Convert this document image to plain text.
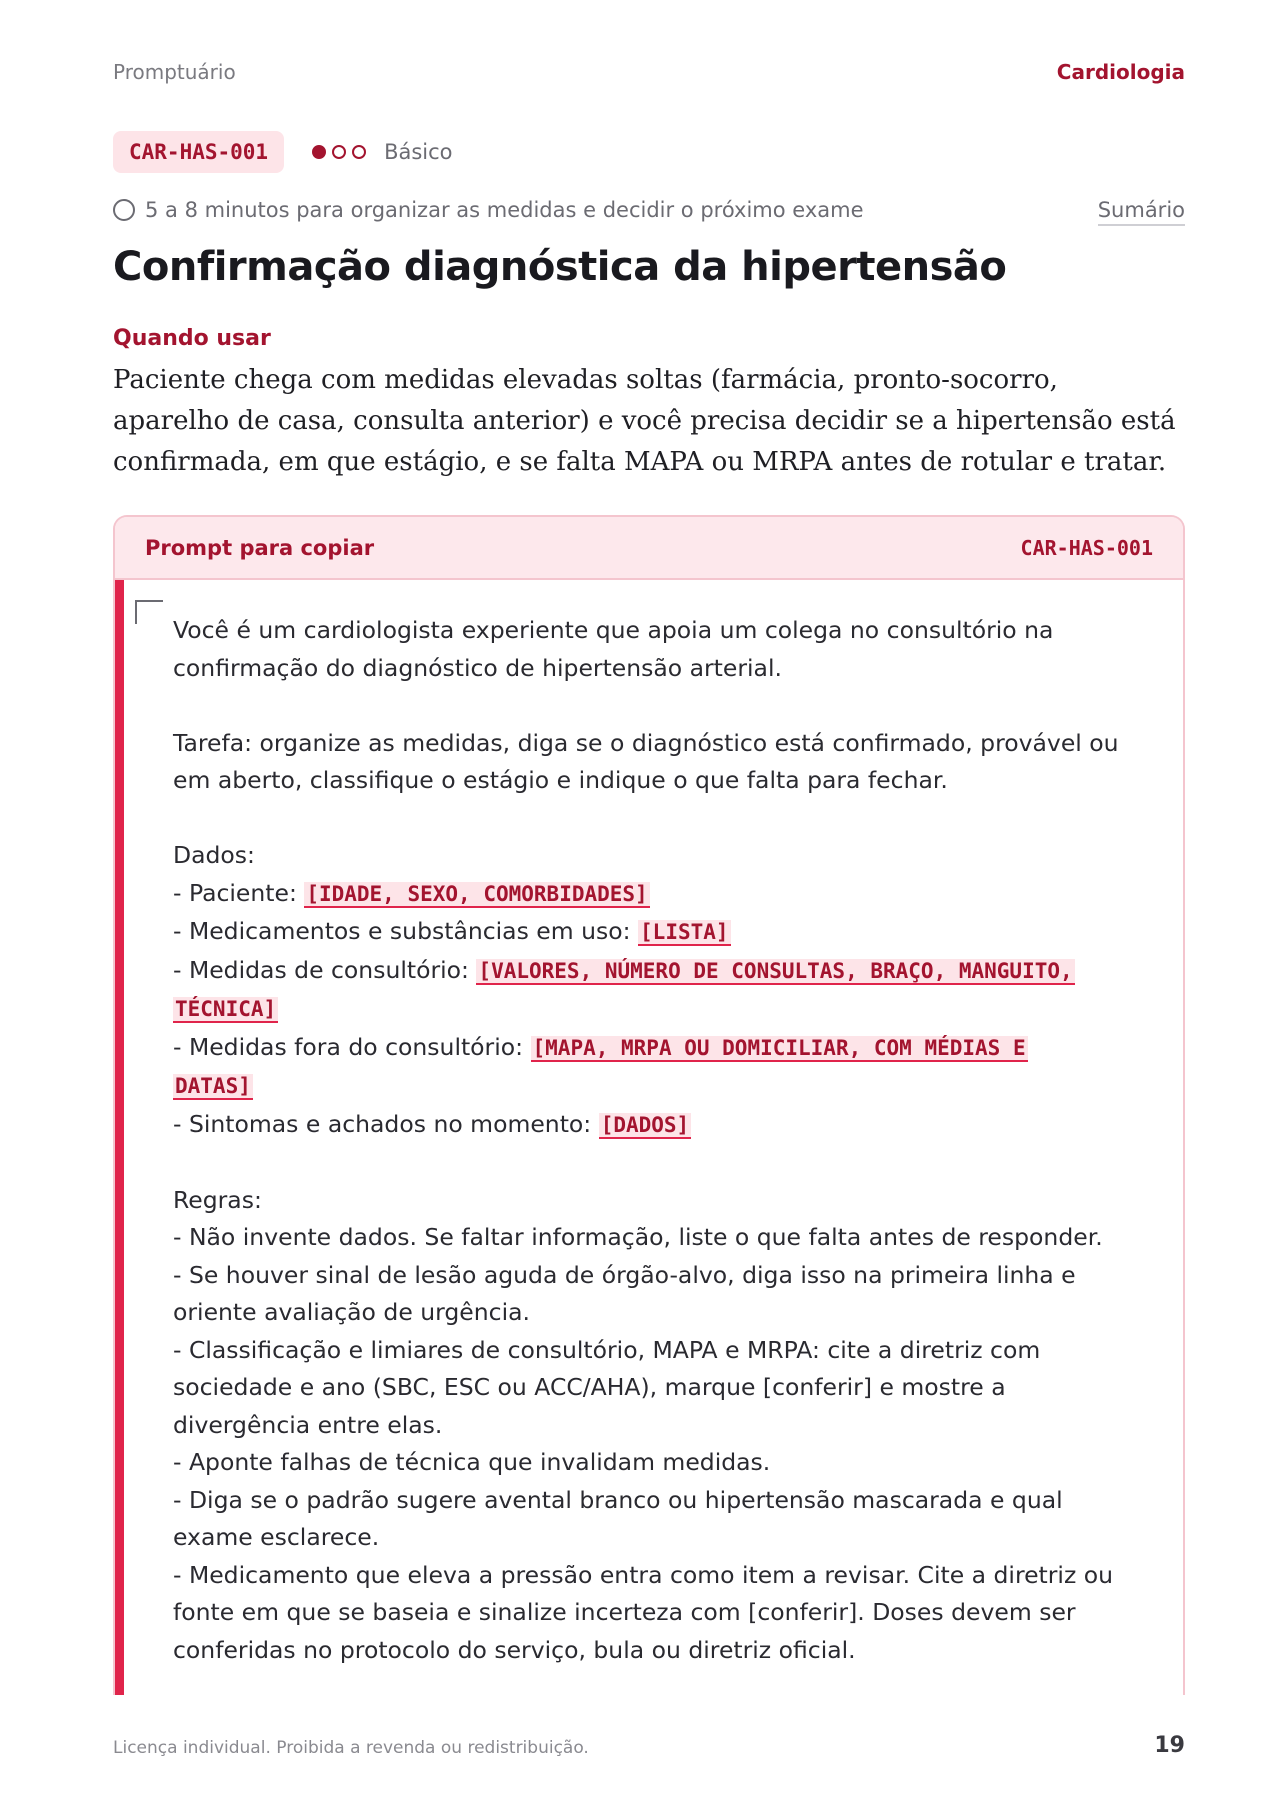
Promptuário	Cardiologia
CAR-HAS-001	Básico
5 a 8 minutos para organizar as medidas e decidir o próximo exame	Sumário
Confirmação diagnóstica da hipertensão
Quando usar
Paciente chega com medidas elevadas soltas (farmácia, pronto-socorro,
aparelho de casa, consulta anterior) e você precisa decidir se a hipertensão está
confirmada, em que estágio, e se falta MAPA ou MRPA antes de rotular e tratar.
Prompt para copiar	CAR-HAS-001
Você é um cardiologista experiente que apoia um colega no consultório na
confirmação do diagnóstico de hipertensão arterial.
Tarefa: organize as medidas, diga se o diagnóstico está confirmado, provável ou
em aberto, classifique o estágio e indique o que falta para fechar.
Dados:
- Paciente: [IDADE, SEXO, COMORBIDADES]
- Medicamentos e substâncias em uso: [LISTA]
- Medidas de consultório: [VALORES, NÚMERO DE CONSULTAS, BRAÇO, MANGUITO,
TÉCNICA]
- Medidas fora do consultório: [MAPA, MRPA OU DOMICILIAR, COM MÉDIAS E
DATAS]
- Sintomas e achados no momento: [DADOS]
Regras:
- Não invente dados. Se faltar informação, liste o que falta antes de responder.
- Se houver sinal de lesão aguda de órgão-alvo, diga isso na primeira linha e
oriente avaliação de urgência.
- Classificação e limiares de consultório, MAPA e MRPA: cite a diretriz com
sociedade e ano (SBC, ESC ou ACC/AHA), marque [conferir] e mostre a
divergência entre elas.
- Aponte falhas de técnica que invalidam medidas.
- Diga se o padrão sugere avental branco ou hipertensão mascarada e qual
exame esclarece.
- Medicamento que eleva a pressão entra como item a revisar. Cite a diretriz ou
fonte em que se baseia e sinalize incerteza com [conferir]. Doses devem ser
conferidas no protocolo do serviço, bula ou diretriz oficial.
Licença individual. Proibida a revenda ou redistribuição.	19
